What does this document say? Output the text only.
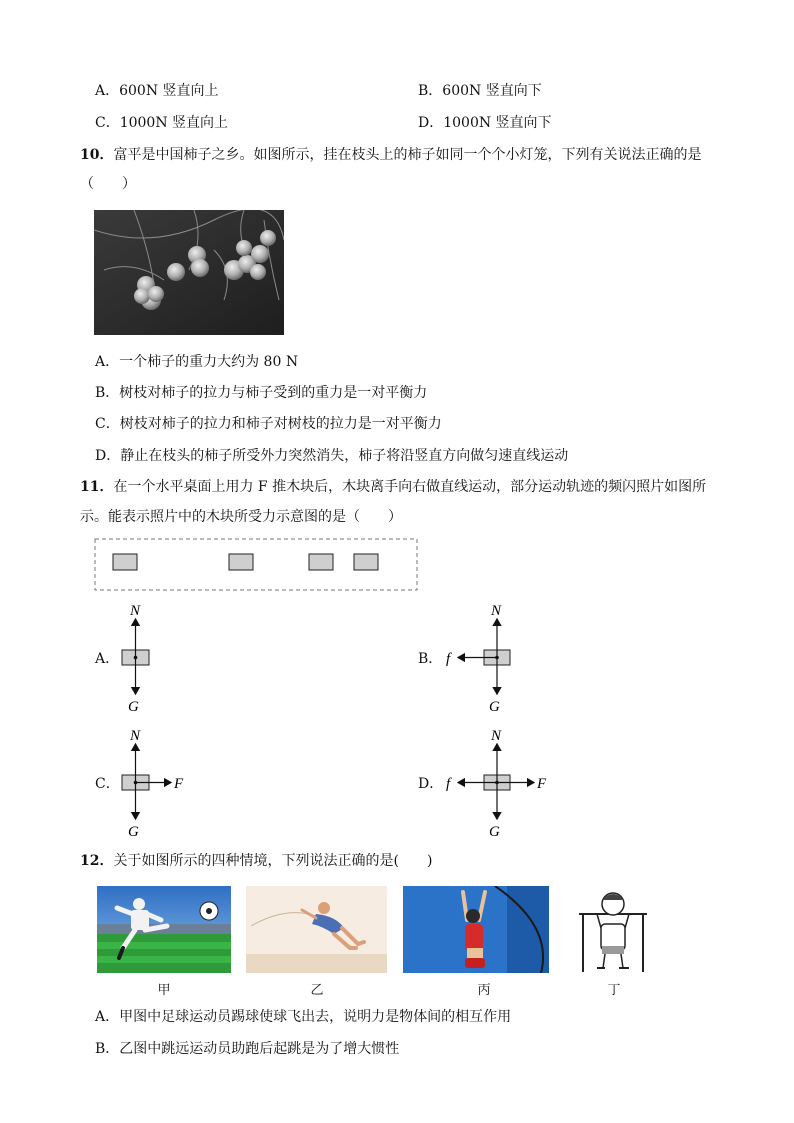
A．600N 竖直向上	B．600N 竖直向下
C．1000N 竖直向上	D．1000N 竖直向下
10．富平是中国柿子之乡。如图所示，挂在枝头上的柿子如同一个个小灯笼，下列有关说法正确的是
（　　）
A．一个柿子的重力大约为 80 N
B．树枝对柿子的拉力与柿子受到的重力是一对平衡力
C．树枝对柿子的拉力和柿子对树枝的拉力是一对平衡力
D．静止在枝头的柿子所受外力突然消失，柿子将沿竖直方向做匀速直线运动
11．在一个水平桌面上用力 F 推木块后，木块离手向右做直线运动，部分运动轨迹的频闪照片如图所
示。能表示照片中的木块所受力示意图的是（　　）
A．
N
G
B．
N
f
G
C．
N
F
G
D．
N
f	F
G
12．关于如图所示的四种情境，下列说法正确的是(　　)
甲	乙	丙	丁
A．甲图中足球运动员踢球使球飞出去，说明力是物体间的相互作用
B．乙图中跳远运动员助跑后起跳是为了增大惯性
